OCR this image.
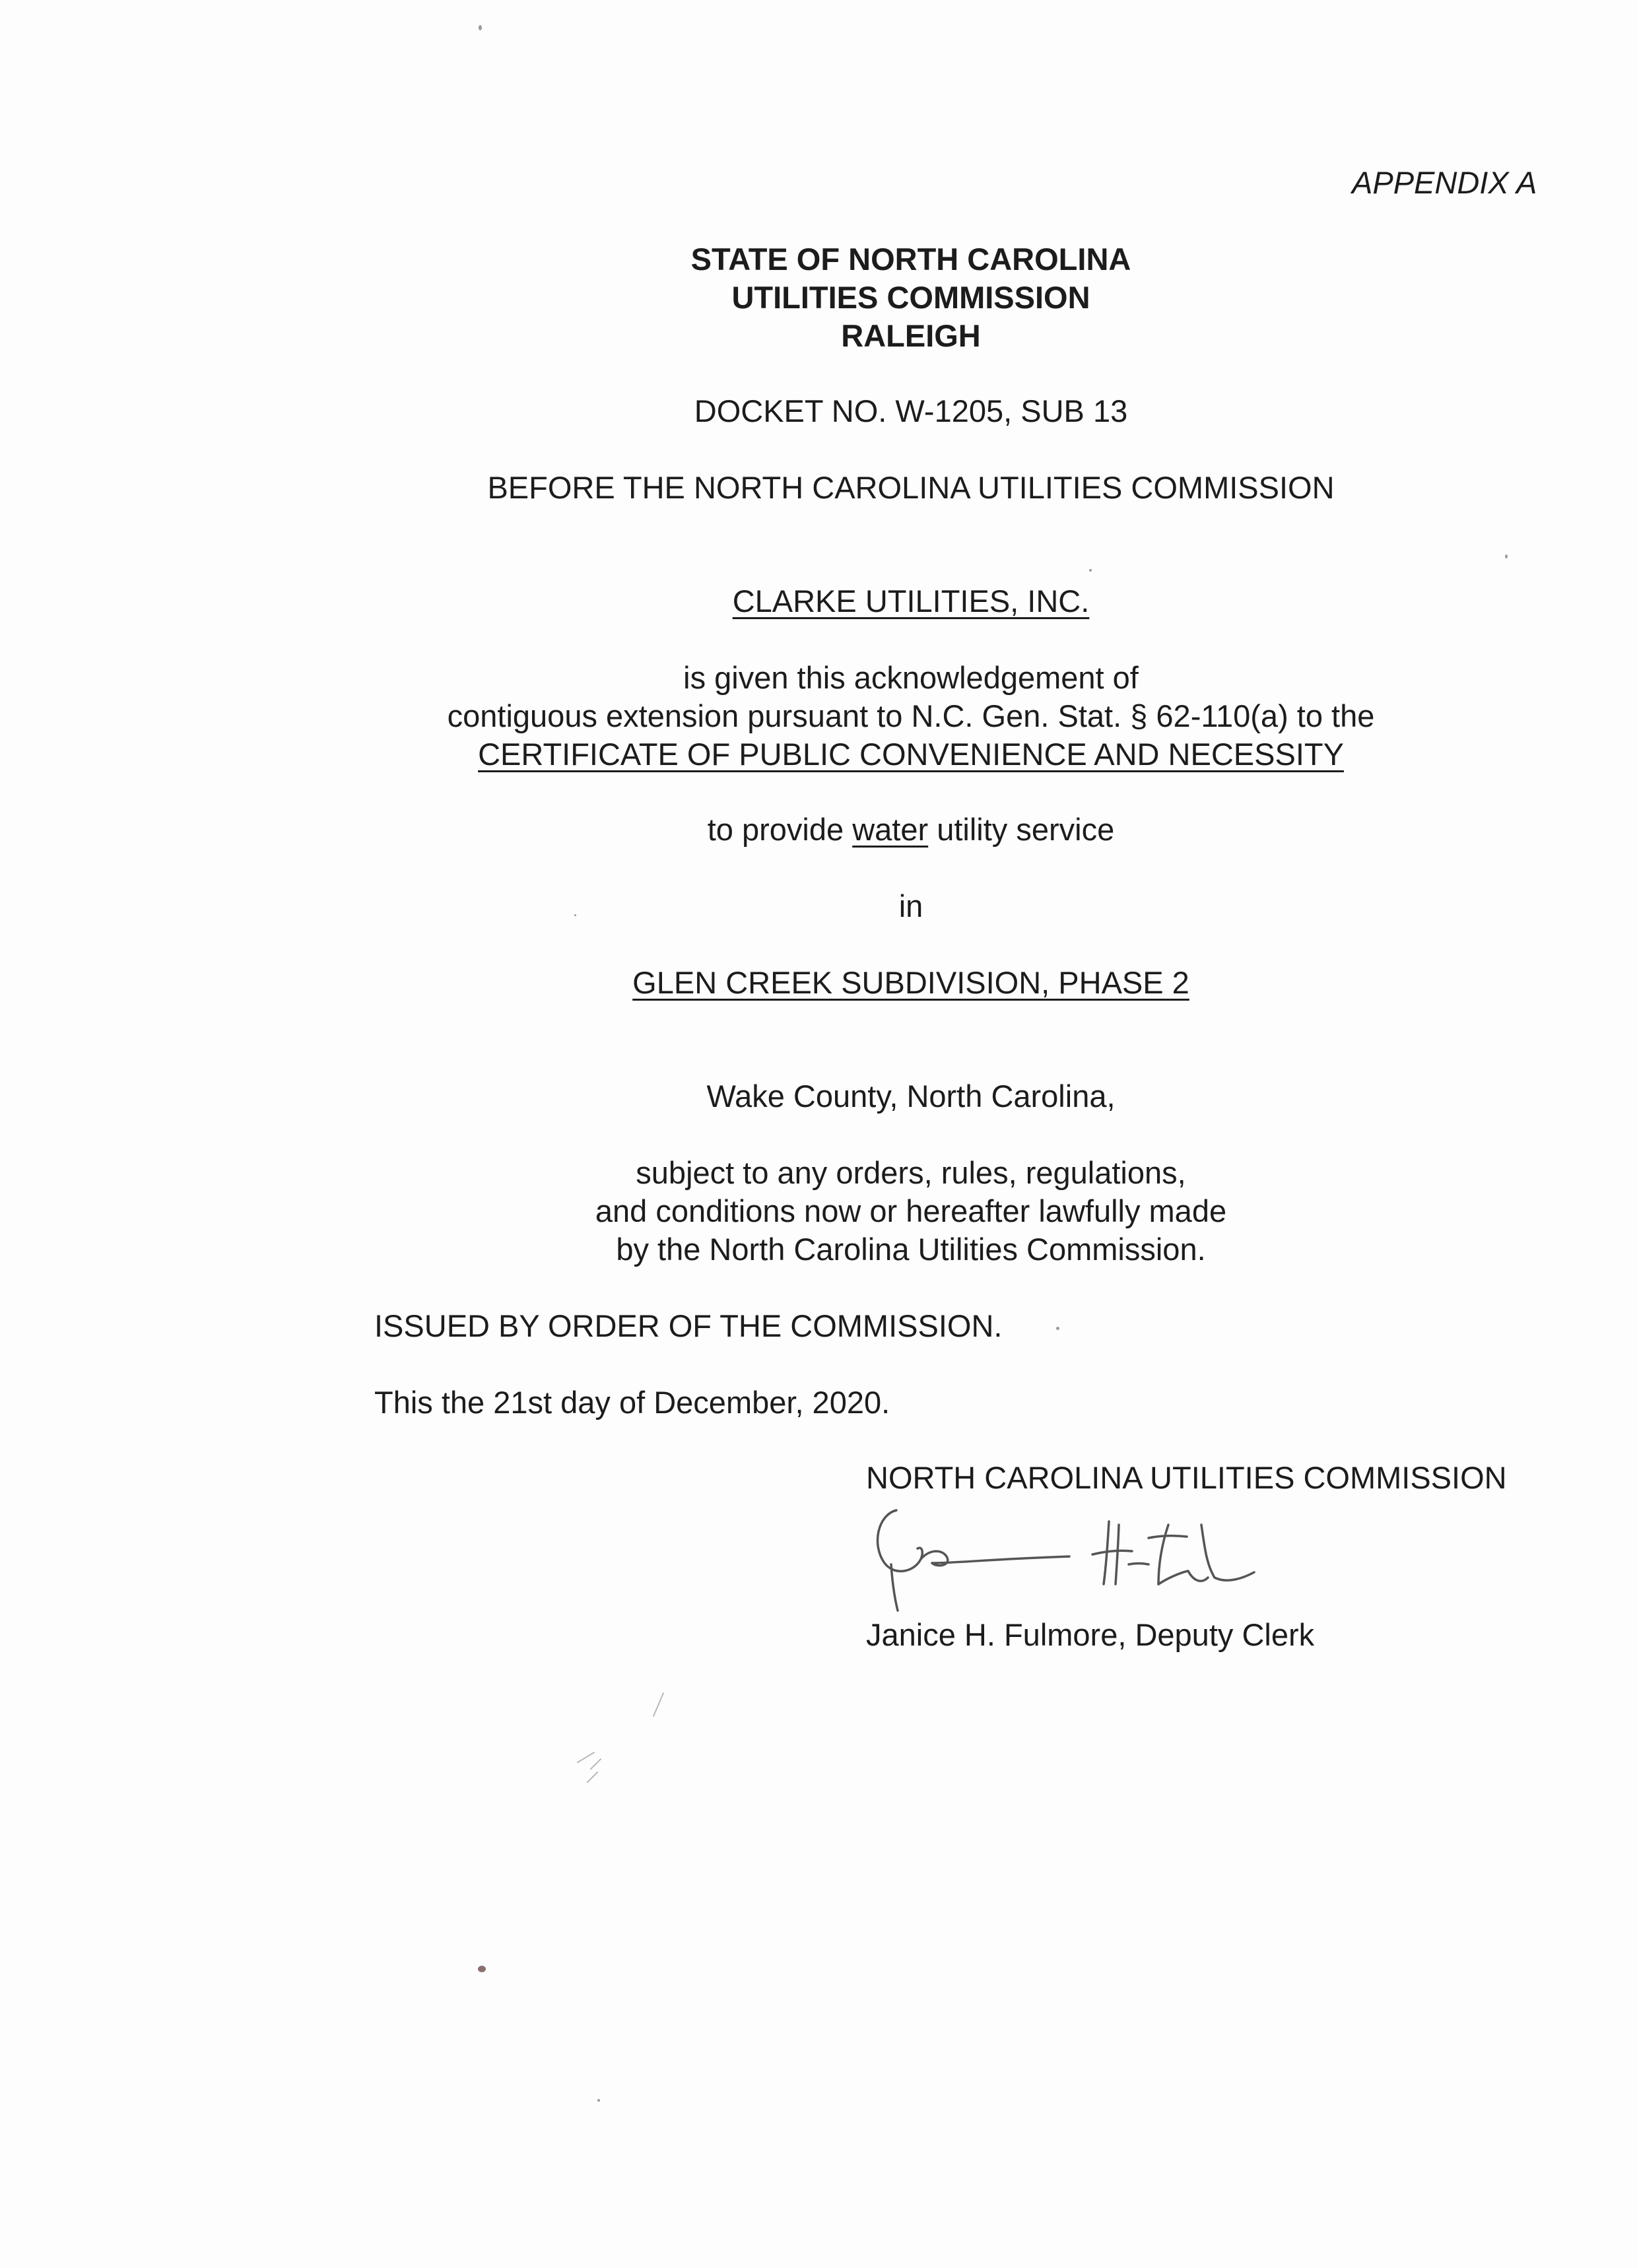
APPENDIX A
STATE OF NORTH CAROLINA
UTILITIES COMMISSION
RALEIGH
DOCKET NO. W-1205, SUB 13
BEFORE THE NORTH CAROLINA UTILITIES COMMISSION
CLARKE UTILITIES, INC.
is given this acknowledgement of
contiguous extension pursuant to N.C. Gen. Stat. § 62-110(a) to the
CERTIFICATE OF PUBLIC CONVENIENCE AND NECESSITY
to provide water utility service
in
GLEN CREEK SUBDIVISION, PHASE 2
Wake County, North Carolina,
subject to any orders, rules, regulations,
and conditions now or hereafter lawfully made
by the North Carolina Utilities Commission.
ISSUED BY ORDER OF THE COMMISSION.
This the 21st day of December, 2020.
NORTH CAROLINA UTILITIES COMMISSION
Janice H. Fulmore, Deputy Clerk
